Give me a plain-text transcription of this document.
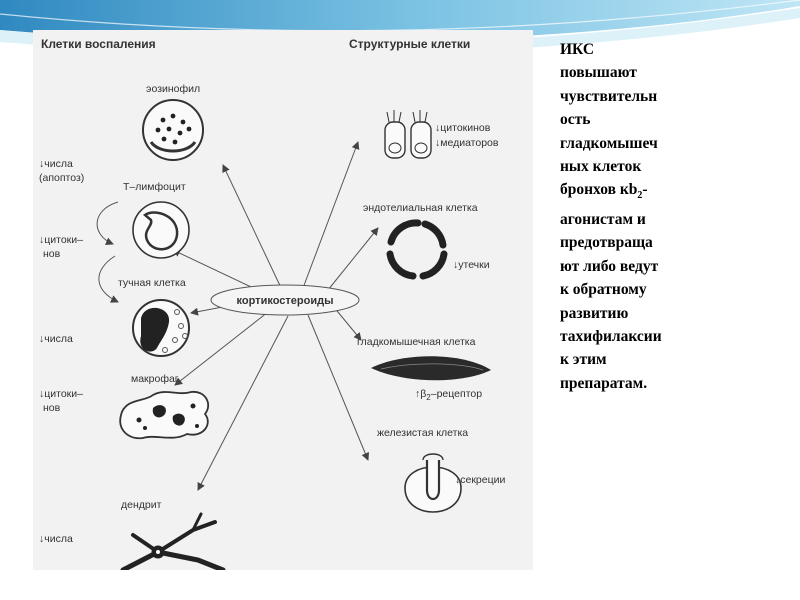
Клетки воспаления	Структурные клетки
кортикостероиды
эозинофил
↓числа
(апоптоз)
Т–лимфоцит
↓цитоки–
нов
тучная клетка
↓числа
макрофаг
↓цитоки–
нов
дендрит
↓числа
↓цитокинов
↓медиаторов
эндотелиальная клетка
↓утечки
гладкомышечная клетка
$↑\beta_2$–рецептор
железистая клетка
↓секреции
ИКС
повышают
чувствительн
ость
гладкомышеч
ных клеток
бронхов $кb_2-$
агонистам и
предотвраща
ют либо ведут
к обратному
развитию
тахифилаксии
к этим
препаратам.
